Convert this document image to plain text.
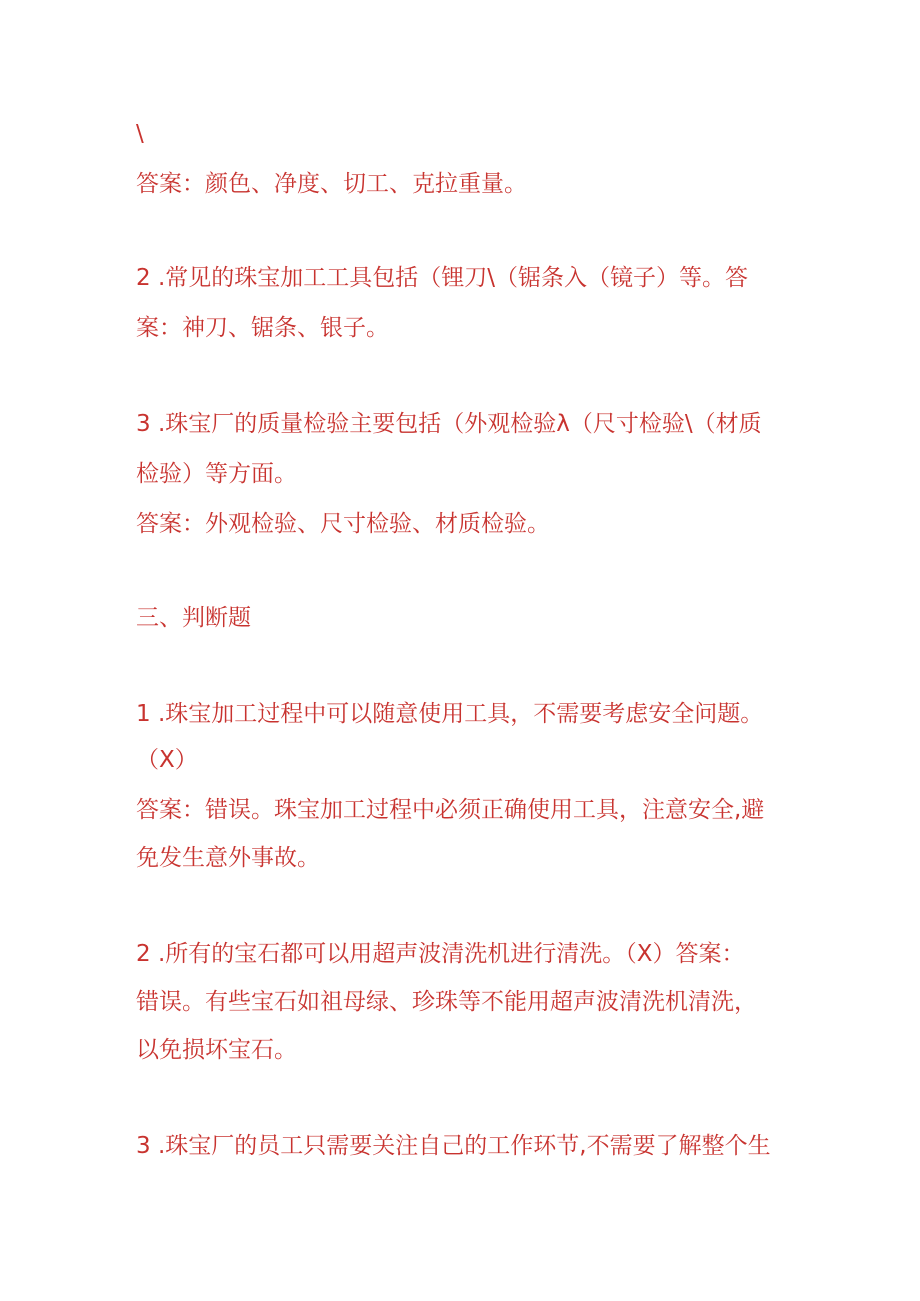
\
答案：颜色、净度、切工、克拉重量。
2 .常见的珠宝加工工具包括（锂刀\（锯条入（镜子）等。答
案：神刀、锯条、银子。
3 .珠宝厂的质量检验主要包括（外观检验λ（尺寸检验\（材质
检验）等方面。
答案：外观检验、尺寸检验、材质检验。
三、判断题
1 .珠宝加工过程中可以随意使用工具，不需要考虑安全问题。
（X）
答案：错误。珠宝加工过程中必须正确使用工具，注意安全,避
免发生意外事故。
2 .所有的宝石都可以用超声波清洗机进行清洗。（X）答案：
错误。有些宝石如祖母绿、珍珠等不能用超声波清洗机清洗，
以免损坏宝石。
3 .珠宝厂的员工只需要关注自己的工作环节,不需要了解整个生
